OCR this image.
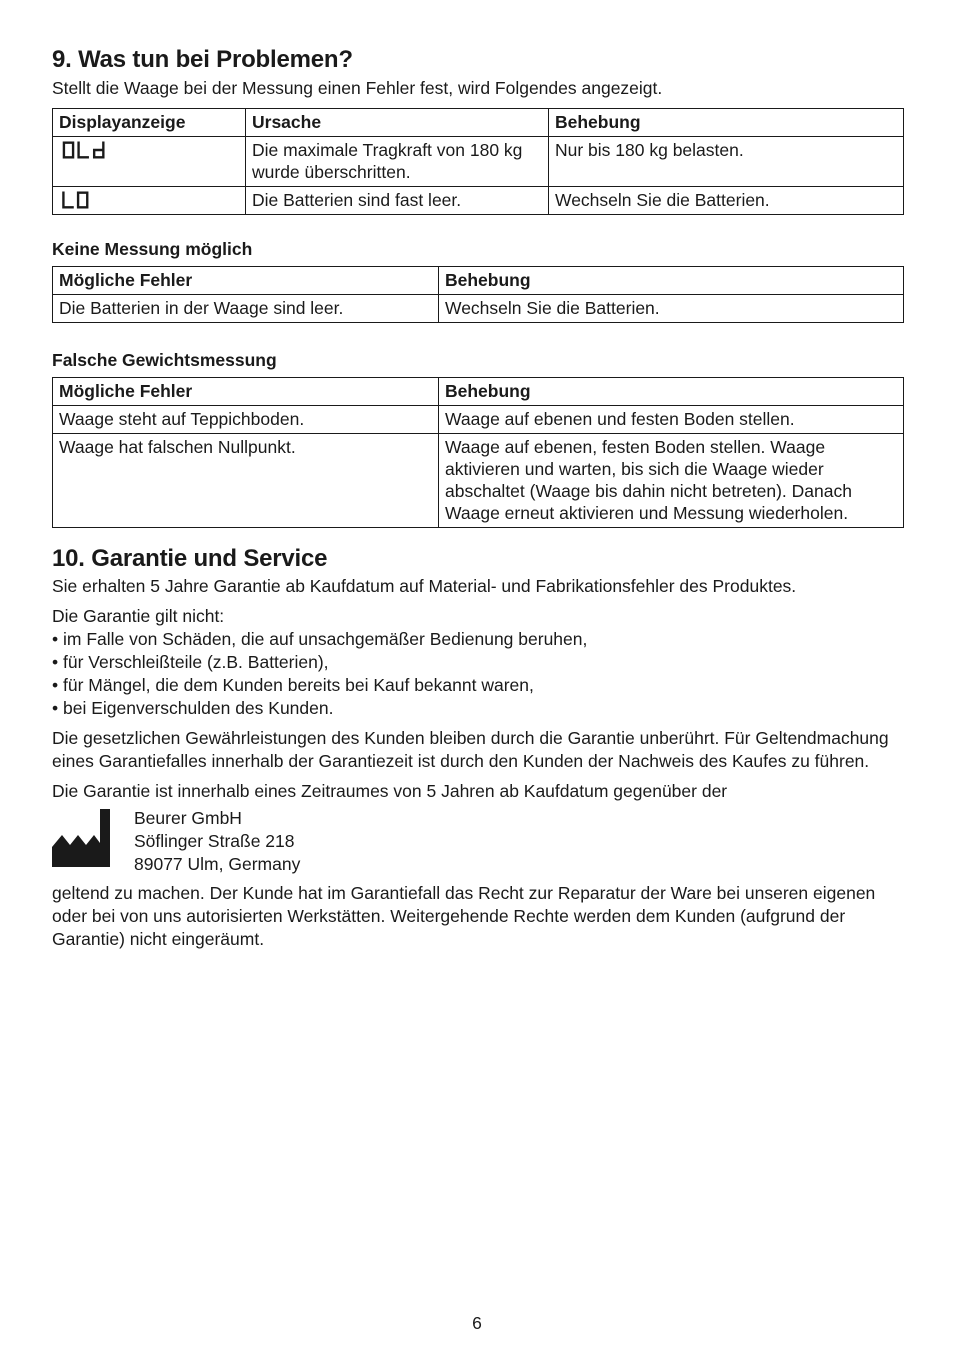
9. Was tun bei Problemen?

Stellt die Waage bei der Messung einen Fehler fest, wird Folgendes angezeigt.

Displayanzeige	Ursache	Behebung

	Die maximale Tragkraft von 180 kg wurde überschritten.	Nur bis 180 kg belasten.

	Die Batterien sind fast leer.	Wechseln Sie die Batterien.

Keine Messung möglich

Mögliche Fehler	Behebung
Die Batterien in der Waage sind leer.	Wechseln Sie die Batterien.

Falsche Gewichtsmessung

Mögliche Fehler	Behebung
Waage steht auf Teppichboden.	Waage auf ebenen und festen Boden stellen.
Waage hat falschen Nullpunkt.	Waage auf ebenen, festen Boden stellen. Waage aktivieren und warten, bis sich die Waage wieder abschaltet (Waage bis dahin nicht betreten). Danach Waage erneut aktivieren und Messung wiederholen.
10. Garantie und Service

Sie erhalten 5 Jahre Garantie ab Kaufdatum auf Material- und Fabrikationsfehler des Produktes.

Die Garantie gilt nicht:

• im Falle von Schäden, die auf unsachgemäßer Bedienung beruhen,
• für Verschleißteile (z.B. Batterien),
• für Mängel, die dem Kunden bereits bei Kauf bekannt waren,
• bei Eigenverschulden des Kunden.

Die gesetzlichen Gewährleistungen des Kunden bleiben durch die Garantie unberührt. Für Geltendmachung eines Garantiefalles innerhalb der Garantiezeit ist durch den Kunden der Nachweis des Kaufes zu führen.

Die Garantie ist innerhalb eines Zeitraumes von 5 Jahren ab Kaufdatum gegenüber der

Beurer GmbH

Söflinger Straße 218

89077 Ulm, Germany

geltend zu machen. Der Kunde hat im Garantiefall das Recht zur Reparatur der Ware bei unseren eigenen oder bei von uns autorisierten Werkstätten. Weitergehende Rechte werden dem Kunden (aufgrund der Garantie) nicht eingeräumt.

6
